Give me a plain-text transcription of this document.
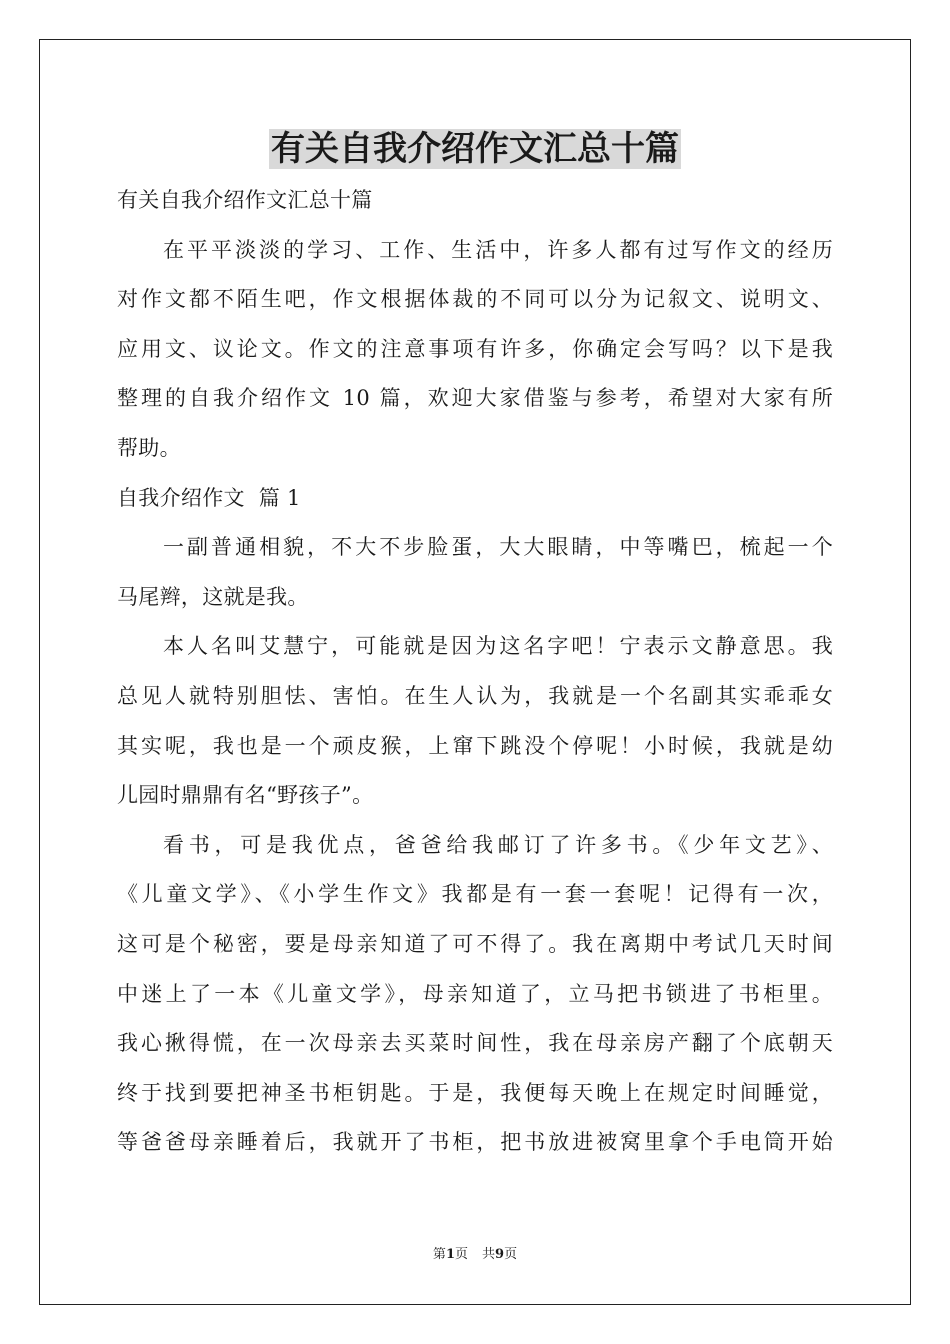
有关自我介绍作文汇总十篇
有关自我介绍作文汇总十篇
在平平淡淡的学习、工作、生活中，许多人都有过写作文的经历
对作文都不陌生吧，作文根据体裁的不同可以分为记叙文、说明文、
应用文、议论文。作文的注意事项有许多，你确定会写吗？以下是我
整理的自我介绍作文 10 篇，欢迎大家借鉴与参考，希望对大家有所
帮助。
自我介绍作文  篇 1
一副普通相貌，不大不步脸蛋，大大眼睛，中等嘴巴，梳起一个
马尾辫，这就是我。
本人名叫艾慧宁，可能就是因为这名字吧！宁表示文静意思。我
总见人就特别胆怯、害怕。在生人认为，我就是一个名副其实乖乖女
其实呢，我也是一个顽皮猴，上窜下跳没个停呢！小时候，我就是幼
儿园时鼎鼎有名“野孩子”。
看书，可是我优点，爸爸给我邮订了许多书。《少年文艺》、
《儿童文学》、《小学生作文》我都是有一套一套呢！记得有一次，
这可是个秘密，要是母亲知道了可不得了。我在离期中考试几天时间
中迷上了一本《儿童文学》，母亲知道了，立马把书锁进了书柜里。
我心揪得慌，在一次母亲去买菜时间性，我在母亲房产翻了个底朝天
终于找到要把神圣书柜钥匙。于是，我便每天晚上在规定时间睡觉，
等爸爸母亲睡着后，我就开了书柜，把书放进被窝里拿个手电筒开始
第1页 共9页
